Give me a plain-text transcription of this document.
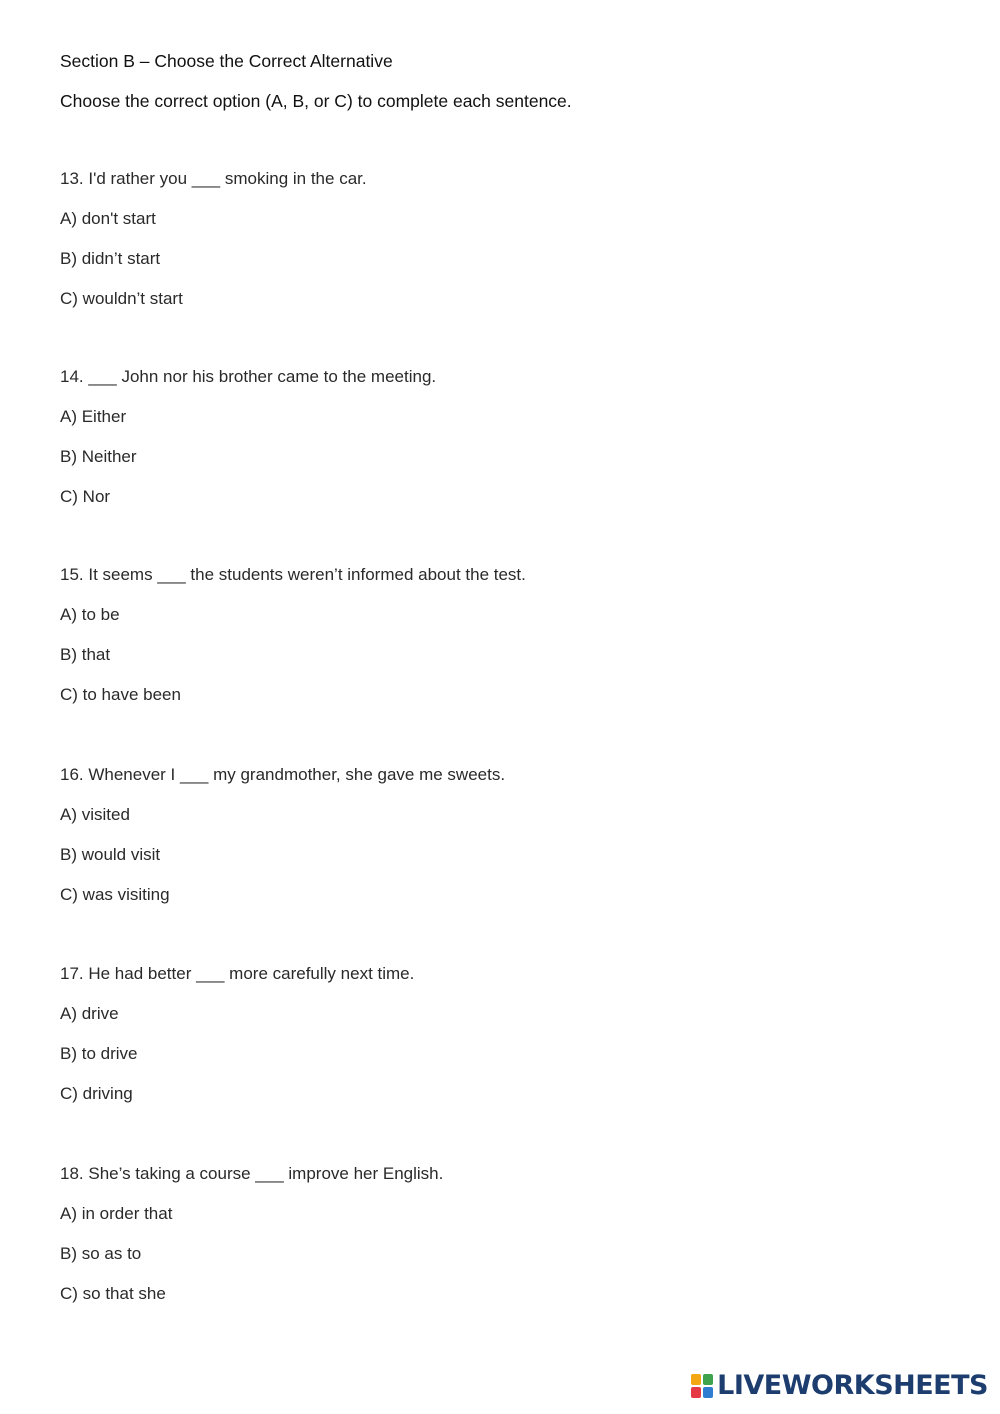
Section B – Choose the Correct Alternative
Choose the correct option (A, B, or C) to complete each sentence.
13. I'd rather you ___ smoking in the car.
A) don't start
B) didn’t start
C) wouldn’t start
14. ___ John nor his brother came to the meeting.
A) Either
B) Neither
C) Nor
15. It seems ___ the students weren’t informed about the test.
A) to be
B) that
C) to have been
16. Whenever I ___ my grandmother, she gave me sweets.
A) visited
B) would visit
C) was visiting
17. He had better ___ more carefully next time.
A) drive
B) to drive
C) driving
18. She’s taking a course ___ improve her English.
A) in order that
B) so as to
C) so that she
LIVEWORKSHEETS
